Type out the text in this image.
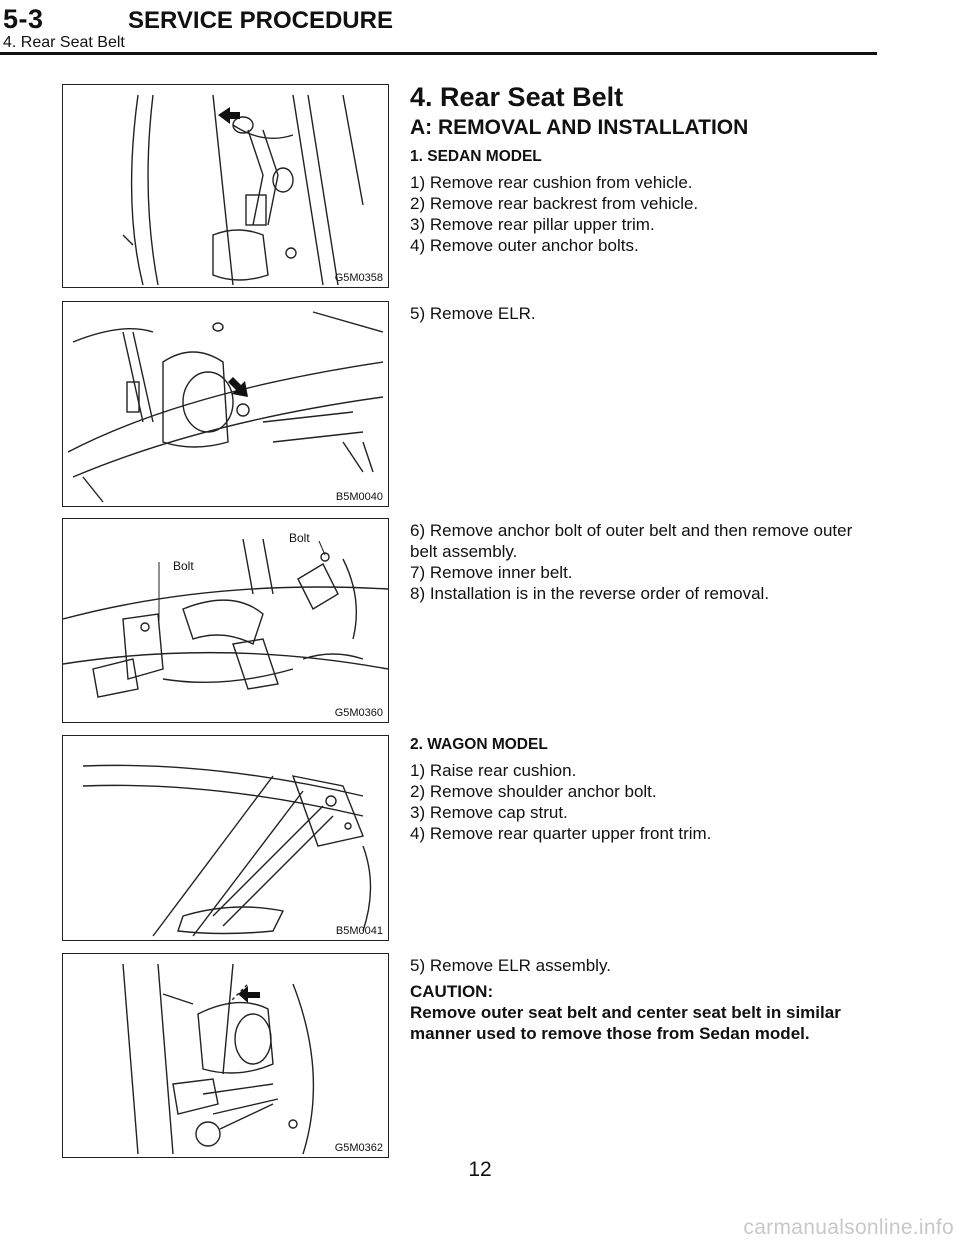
5-3	SERVICE PROCEDURE
4. Rear Seat Belt
G5M0358
B5M0040
Bolt
Bolt
G5M0360
B5M0041
G5M0362
4. Rear Seat Belt
A: REMOVAL AND INSTALLATION
1. SEDAN MODEL
1) Remove rear cushion from vehicle.
2) Remove rear backrest from vehicle.
3) Remove rear pillar upper trim.
4) Remove outer anchor bolts.
5) Remove ELR.
6) Remove anchor bolt of outer belt and then remove outer
belt assembly.
7) Remove inner belt.
8) Installation is in the reverse order of removal.
2. WAGON MODEL
1) Raise rear cushion.
2) Remove shoulder anchor bolt.
3) Remove cap strut.
4) Remove rear quarter upper front trim.
5) Remove ELR assembly.
CAUTION:
Remove outer seat belt and center seat belt in similar
manner used to remove those from Sedan model.
12
carmanualsonline.info
